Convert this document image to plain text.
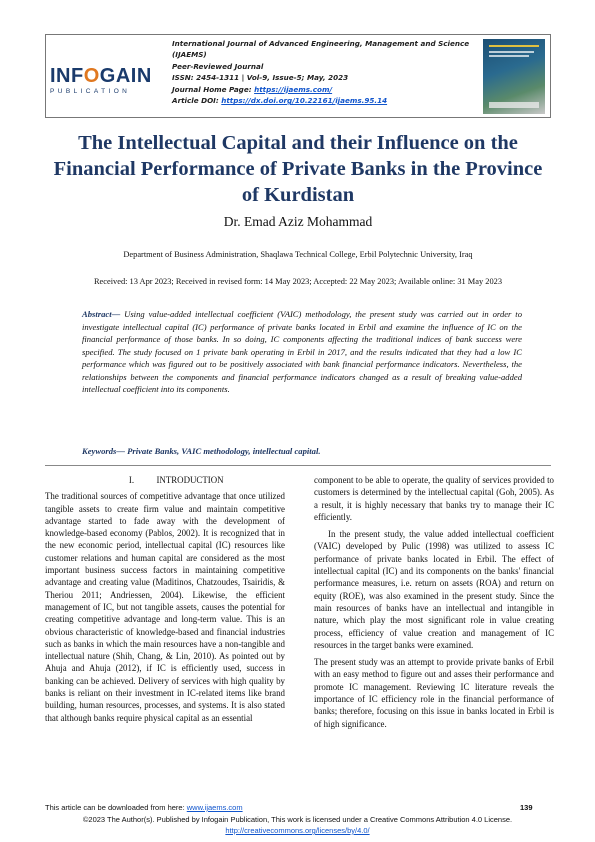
INFOGAIN
PUBLICATION
International Journal of Advanced Engineering, Management and Science
(IJAEMS)
Peer-Reviewed Journal
ISSN: 2454-1311 | Vol-9, Issue-5; May, 2023
Journal Home Page: https://ijaems.com/
Article DOI: https://dx.doi.org/10.22161/ijaems.95.14
The Intellectual Capital and their Influence on the Financial Performance of Private Banks in the Province of Kurdistan
Dr. Emad Aziz Mohammad
Department of Business Administration, Shaqlawa Technical College, Erbil Polytechnic University, Iraq
Received: 13 Apr 2023; Received in revised form: 14 May 2023; Accepted: 22 May 2023; Available online: 31 May 2023
Abstract— Using value-added intellectual coefficient (VAIC) methodology, the present study was carried out in order to investigate intellectual capital (IC) performance of private banks located in Erbil and examine the influence of IC on the financial performance of those banks. In so doing, IC components affecting the traditional indices of bank success were specified. The study focused on 1 private bank operating in Erbil in 2017, and the results indicated that they had a low IC performance which was figured out to be positively associated with bank financial performance indicators. Nevertheless, the relationships between the components and financial performance indicators changed as a result of breaking value-added intellectual coefficient into its components.
Keywords— Private Banks, VAIC methodology, intellectual capital.
I.	INTRODUCTION

The traditional sources of competitive advantage that once utilized tangible assets to create firm value and maintain competitive advantage started to fade away with the development of knowledge-based economy (Pablos, 2002). It is recognized that in the new economic period, intellectual capital (IC) resources like customer relations and human capital are considered as the most important business success factors in maintaining competitive advantage and creating value (Maditinos, Chatzoudes, Tsairidis, & Theriou 2011; Andriessen, 2004). Likewise, the efficient management of IC, but not tangible assets, causes the potential for creating competitive advantage and long-term value. This is an obvious characteristic of knowledge-based and financial industries such as banks in which the main resources have a non-tangible and intellectual nature (Shih, Chang, & Lin, 2010). As pointed out by Ahuja and Ahuja (2012), if IC is efficiently used, success in banking can be achieved. Delivery of services with high quality by banks is reliant on their investment in IC-related items like brand building, human resources, processes, and systems. It is also stated that although banks require physical capital as an essential

component to be able to operate, the quality of services provided to customers is determined by the intellectual capital (Goh, 2005). As a result, it is highly necessary that banks try to manage their IC efficiently.

In the present study, the value added intellectual coefficient (VAIC) developed by Pulic (1998) was utilized to assess IC performance of private banks located in Erbil. The effect of intellectual capital (IC) and its components on the banks' financial performance measures, i.e. return on assets (ROA) and return on equity (ROE), was also examined in the present study. Since the main resources of banks have an intellectual and intangible in nature, which play the most significant role in value creating process, efficiency of value creation and management of IC resources in the target banks were examined.

The present study was an attempt to provide private banks of Erbil with an easy method to figure out and asses their performance and promote IC management. Reviewing IC literature reveals the importance of IC efficiency role in the financial performance of banks; therefore, focusing on this issue in banks located in Erbil is of high significance.

This article can be downloaded from here: www.ijaems.com	139
©2023 The Author(s). Published by Infogain Publication, This work is licensed under a Creative Commons Attribution 4.0 License. http://creativecommons.org/licenses/by/4.0/
